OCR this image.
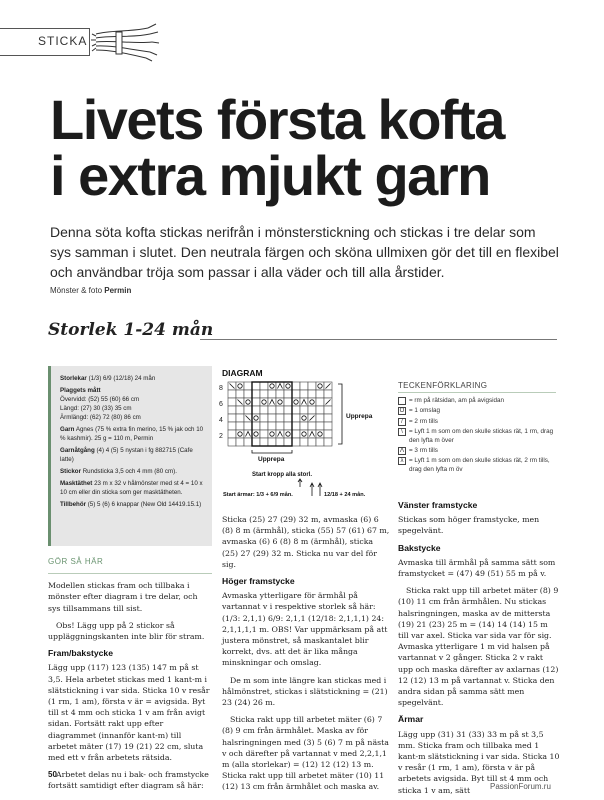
STICKA
Livets första kofta
i extra mjukt garn

Denna söta kofta stickas nerifrån i mönsterstickning och stickas i tre delar som sys samman i slutet. Den neutrala färgen och sköna ullmixen gör det till en flexibel och användbar tröja som passar i alla väder och till alla årstider.

Mönster & foto Permin
Storlek 1-24 mån
Storlekar (1/3) 6/9 (12/18) 24 mån
Plaggets mått
Övervidd: (52) 55 (60) 66 cm
Längd: (27) 30 (33) 35 cm
Ärmlängd: (62) 72 (80) 86 cm
Garn Agnes (75 % extra fin merino, 15 % jak och 10 % kashmir). 25 g = 110 m, Permin
Garnåtgång (4) 4 (5) 5 nystan i fg 882715 (Cafe latte)
Stickor Rundsticka 3,5 och 4 mm (80 cm).
Masktäthet 23 m x 32 v hålmönster med st 4 = 10 x 10 cm eller din sticka som ger masktätheten.
Tillbehör (5) 5 (6) 6 knappar (New Old 14419.15.1)
GÖR SÅ HÄR

Modellen stickas fram och tillbaka i mönster efter diagram i tre delar, och sys tillsammans till sist.

Obs! Lägg upp på 2 stickor så uppläggningskanten inte blir för stram.

Fram/bakstycke

Lägg upp (117) 123 (135) 147 m på st 3,5. Hela arbetet stickas med 1 kant-m i slätstickning i var sida. Sticka 10 v resår (1 rm, 1 am), första v är = avigsida. Byt till st 4 mm och sticka 1 v am från avigt sidan. Fortsätt rakt upp efter diagrammet (innanför kant-m) till arbetet mäter (17) 19 (21) 22 cm, sluta med ett v från arbetets rätsida.

Arbetet delas nu i bak- och framstycke fortsätt samtidigt efter diagram så här:

DIAGRAM
8
6
4
2
Upprepa
Upprepa
Start kropp alla storl.
Start ärmar: 1/3 + 6/9 mån.	12/18 + 24 mån.
TECKENFÖRKLARING
= rm på rätsidan, am på avigsidan
O = 1 omslag
/ = 2 rm tills
\ = Lyft 1 m som om den skulle stickas rät, 1 rm, drag den lyfta m över
Λ = 3 rm tills
λ = Lyft 1 m som om den skulle stickas rät, 2 rm tills, drag den lyfta m öv

Sticka (25) 27 (29) 32 m, avmaska (6) 6 (8) 8 m (ärmhål), sticka (55) 57 (61) 67 m, avmaska (6) 6 (8) 8 m (ärmhål), sticka (25) 27 (29) 32 m. Sticka nu var del för sig.

Höger framstycke

Avmaska ytterligare för ärmhål på vartannat v i respektive storlek så här: (1/3: 2,1,1) 6/9: 2,1,1 (12/18: 2,1,1,1) 24: 2,1,1,1,1 m. OBS! Var uppmärksam på att justera mönstret, så maskantalet blir korrekt, dvs. att det är lika många minskningar och omslag.

De m som inte längre kan stickas med i hålmönstret, stickas i slätstickning = (21) 23 (24) 26 m.

Sticka rakt upp till arbetet mäter (6) 7 (8) 9 cm från ärmhålet. Maska av för halsringningen med (3) 5 (6) 7 m på nästa v och därefter på vartannat v med 2,2,1,1 m (alla storlekar) = (12) 12 (12) 13 m. Sticka rakt upp till arbetet mäter (10) 11 (12) 13 cm från ärmhålet och maska av.

Vänster framstycke

Stickas som höger framstycke, men spegelvänt.

Bakstycke

Avmaska till ärmhål på samma sätt som framstycket = (47) 49 (51) 55 m på v.

Sticka rakt upp till arbetet mäter (8) 9 (10) 11 cm från ärmhålen. Nu stickas halsringningen, maska av de mittersta (19) 21 (23) 25 m = (14) 14 (14) 15 m till var axel. Sticka var sida var för sig. Avmaska ytterligare 1 m vid halsen på vartannat v 2 gånger. Sticka 2 v rakt upp och maska därefter av axlarnas (12) 12 (12) 13 m på vartannat v. Sticka den andra sidan på samma sätt men spegelvänt.

Ärmar

Lägg upp (31) 31 (33) 33 m på st 3,5 mm. Sticka fram och tillbaka med 1 kant-m slätstickning i var sida. Sticka 10 v resår (1 rm, 1 am), första v är på arbetets avigsida. Byt till st 4 mm och sticka 1 v am, sätt

50
PassionForum.ru
